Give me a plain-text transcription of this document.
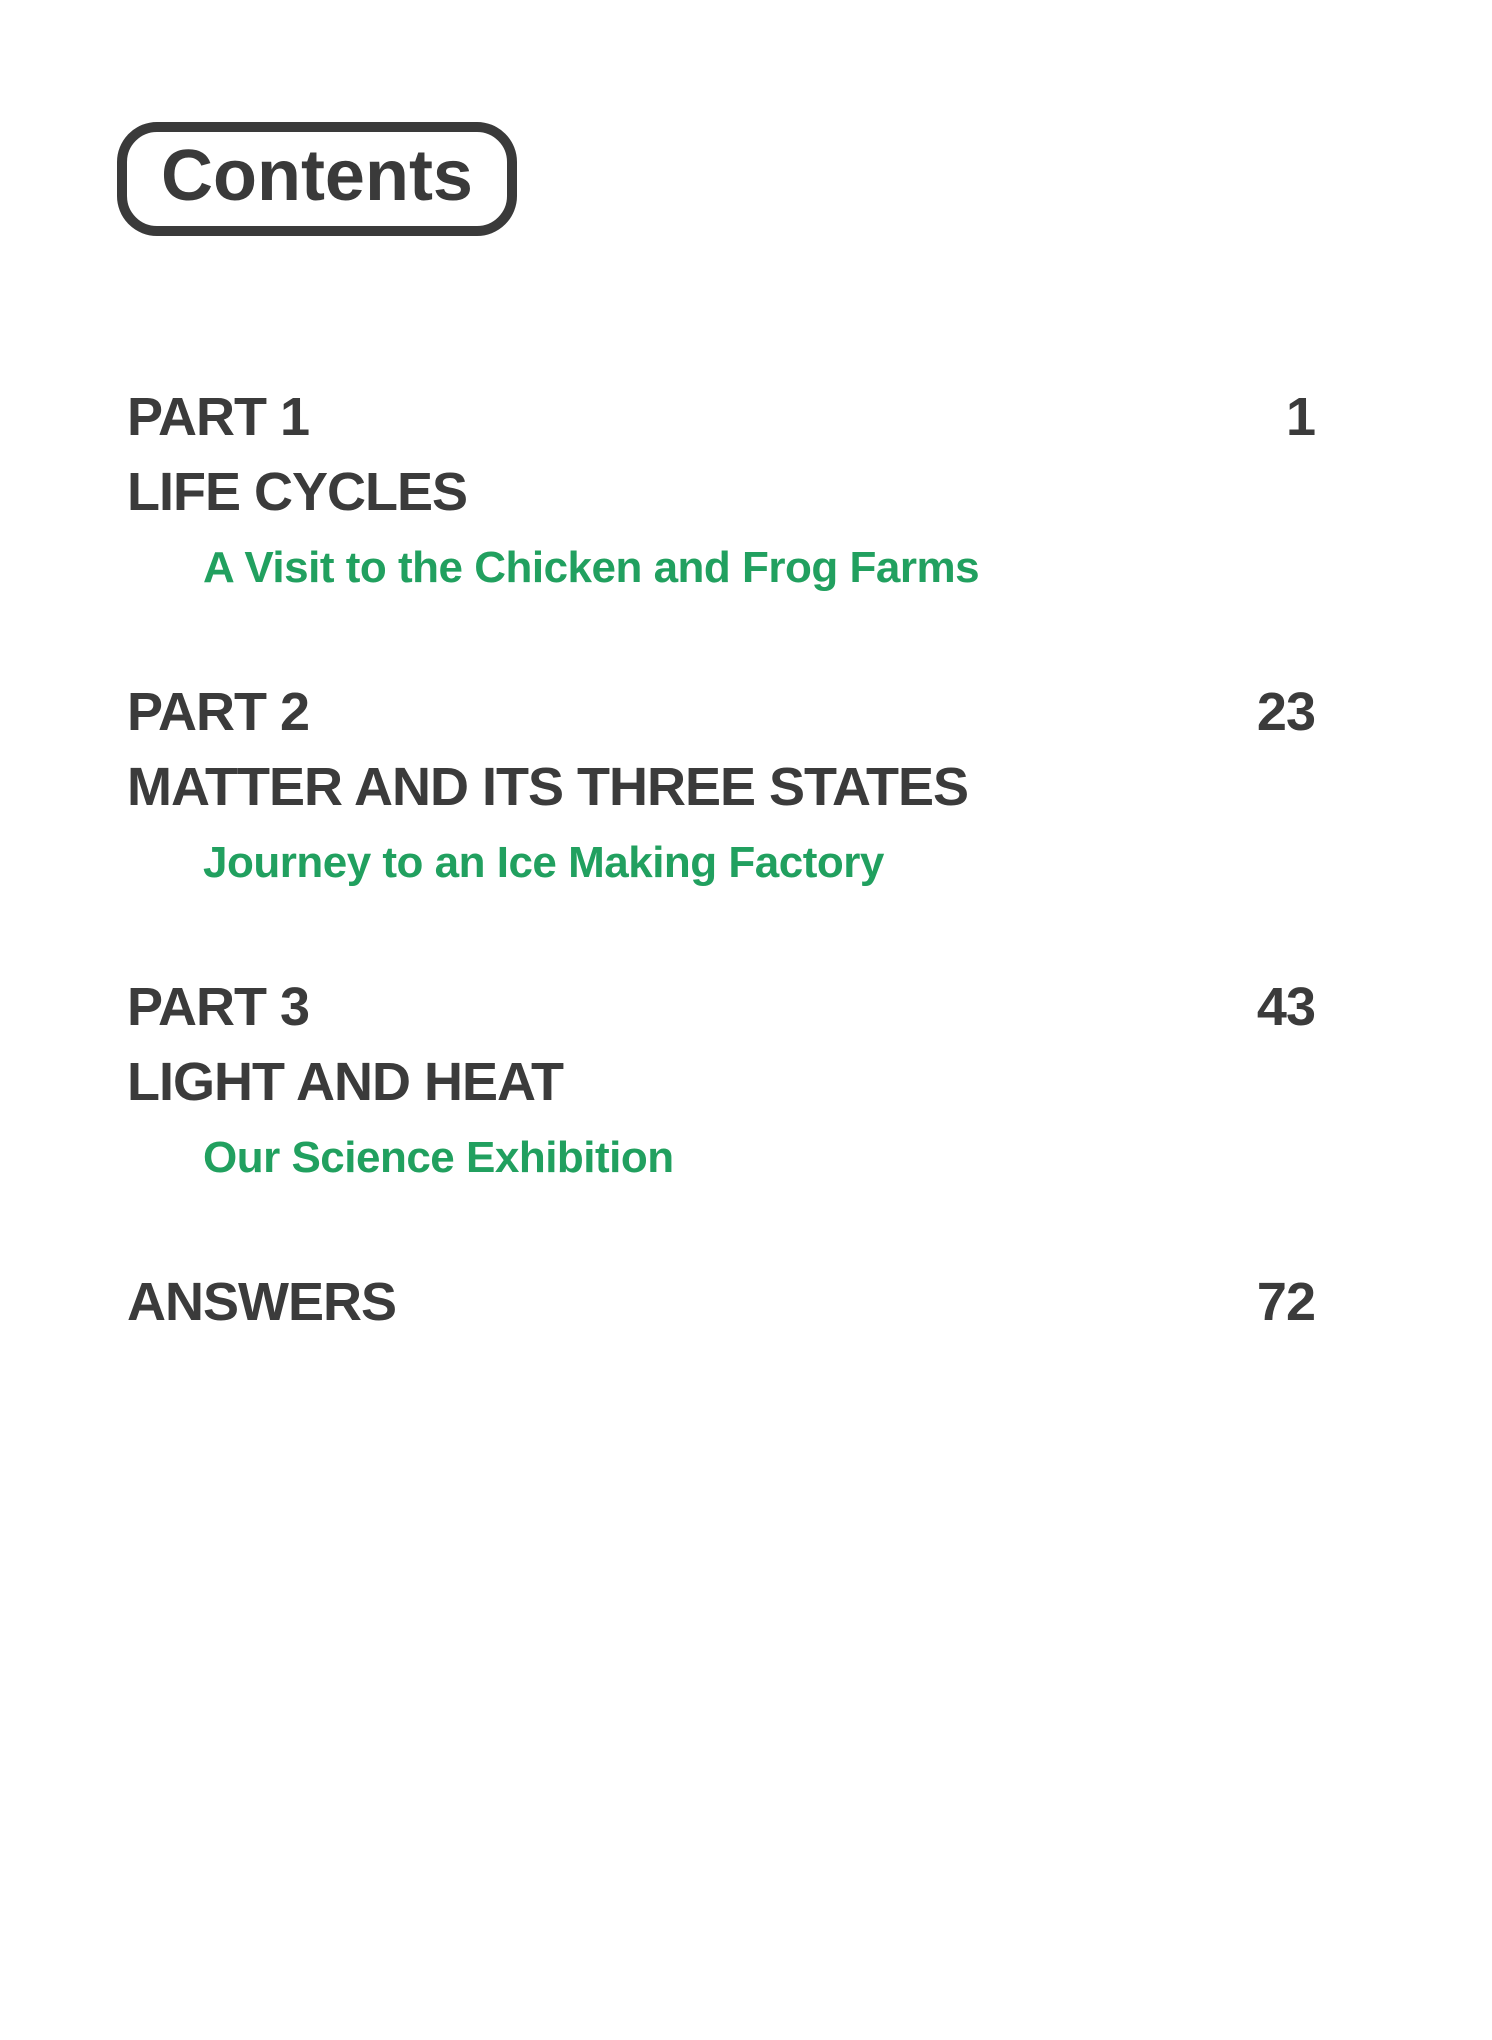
Contents
PART 1	1
LIFE CYCLES
A Visit to the Chicken and Frog Farms
PART 2	23
MATTER AND ITS THREE STATES
Journey to an Ice Making Factory
PART 3	43
LIGHT AND HEAT
Our Science Exhibition
ANSWERS	72
